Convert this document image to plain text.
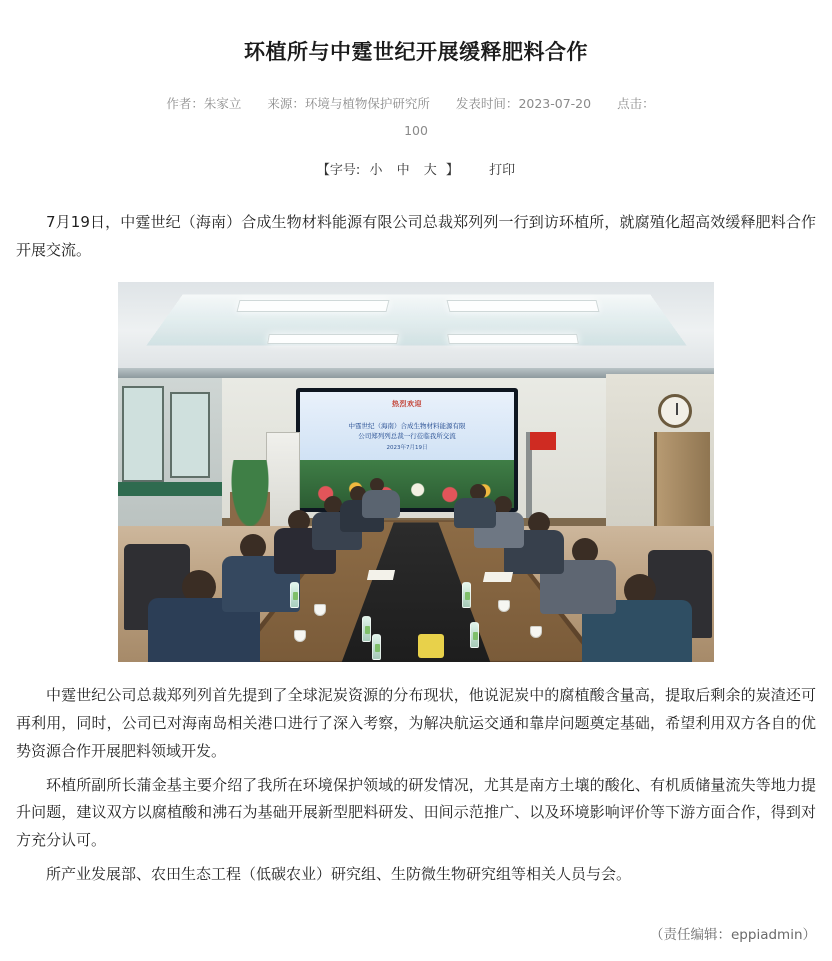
环植所与中霆世纪开展缓释肥料合作
作者：朱家立 来源：环境与植物保护研究所 发表时间：2023-07-20 点击：
100
【字号: 小 中 大 】 打印

7月19日，中霆世纪（海南）合成生物材料能源有限公司总裁郑列列一行到访环植所，就腐殖化超高效缓释肥料合作开展交流。

热烈欢迎
中霆世纪（海南）合成生物材料能源有限
公司郑列列总裁一行莅临我所交流
2023年7月19日

中霆世纪公司总裁郑列列首先提到了全球泥炭资源的分布现状，他说泥炭中的腐植酸含量高，提取后剩余的炭渣还可再利用，同时，公司已对海南岛相关港口进行了深入考察，为解决航运交通和靠岸问题奠定基础，希望利用双方各自的优势资源合作开展肥料领域开发。

环植所副所长蒲金基主要介绍了我所在环境保护领域的研发情况，尤其是南方土壤的酸化、有机质储量流失等地力提升问题，建议双方以腐植酸和沸石为基础开展新型肥料研发、田间示范推广、以及环境影响评价等下游方面合作，得到对方充分认可。

所产业发展部、农田生态工程（低碳农业）研究组、生防微生物研究组等相关人员与会。

（责任编辑：eppiadmin）
